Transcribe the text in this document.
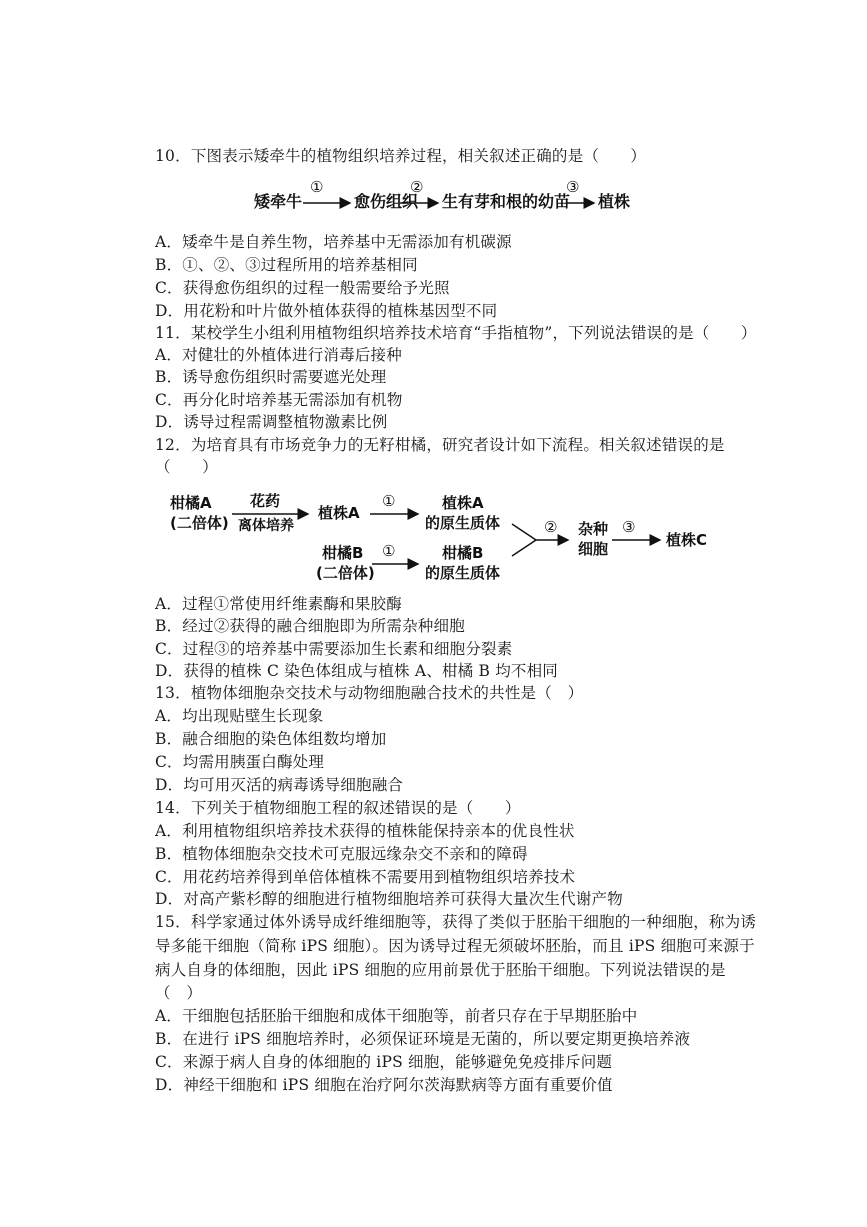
10．下图表示矮牵牛的植物组织培养过程，相关叙述正确的是（　　）
矮牵牛
①
愈伤组织
②
生有芽和根的幼苗
③
植株
A．矮牵牛是自养生物，培养基中无需添加有机碳源
B．①、②、③过程所用的培养基相同
C．获得愈伤组织的过程一般需要给予光照
D．用花粉和叶片做外植体获得的植株基因型不同
11．某校学生小组利用植物组织培养技术培育“手指植物”，下列说法错误的是（　　）
A．对健壮的外植体进行消毒后接种
B．诱导愈伤组织时需要遮光处理
C．再分化时培养基无需添加有机物
D．诱导过程需调整植物激素比例
12．为培育具有市场竞争力的无籽柑橘，研究者设计如下流程。相关叙述错误的是
（　　）
柑橘A
(二倍体)
花药
离体培养
植株A
①	植株A
的原生质体
柑橘B
(二倍体)
①	柑橘B
的原生质体
② 杂种
细胞
③
植株C
A．过程①常使用纤维素酶和果胶酶
B．经过②获得的融合细胞即为所需杂种细胞
C．过程③的培养基中需要添加生长素和细胞分裂素
D．获得的植株 C 染色体组成与植株 A、柑橘 B 均不相同
13．植物体细胞杂交技术与动物细胞融合技术的共性是（　）
A．均出现贴壁生长现象
B．融合细胞的染色体组数均增加
C．均需用胰蛋白酶处理
D．均可用灭活的病毒诱导细胞融合
14．下列关于植物细胞工程的叙述错误的是（　　）
A．利用植物组织培养技术获得的植株能保持亲本的优良性状
B．植物体细胞杂交技术可克服远缘杂交不亲和的障碍
C．用花药培养得到单倍体植株不需要用到植物组织培养技术
D．对高产紫杉醇的细胞进行植物细胞培养可获得大量次生代谢产物
15．科学家通过体外诱导成纤维细胞等，获得了类似于胚胎干细胞的一种细胞，称为诱
导多能干细胞（简称 iPS 细胞）。因为诱导过程无须破坏胚胎，而且 iPS 细胞可来源于
病人自身的体细胞，因此 iPS 细胞的应用前景优于胚胎干细胞。下列说法错误的是
（　）
A．干细胞包括胚胎干细胞和成体干细胞等，前者只存在于早期胚胎中
B．在进行 iPS 细胞培养时，必须保证环境是无菌的，所以要定期更换培养液
C．来源于病人自身的体细胞的 iPS 细胞，能够避免免疫排斥问题
D．神经干细胞和 iPS 细胞在治疗阿尔茨海默病等方面有重要价值
